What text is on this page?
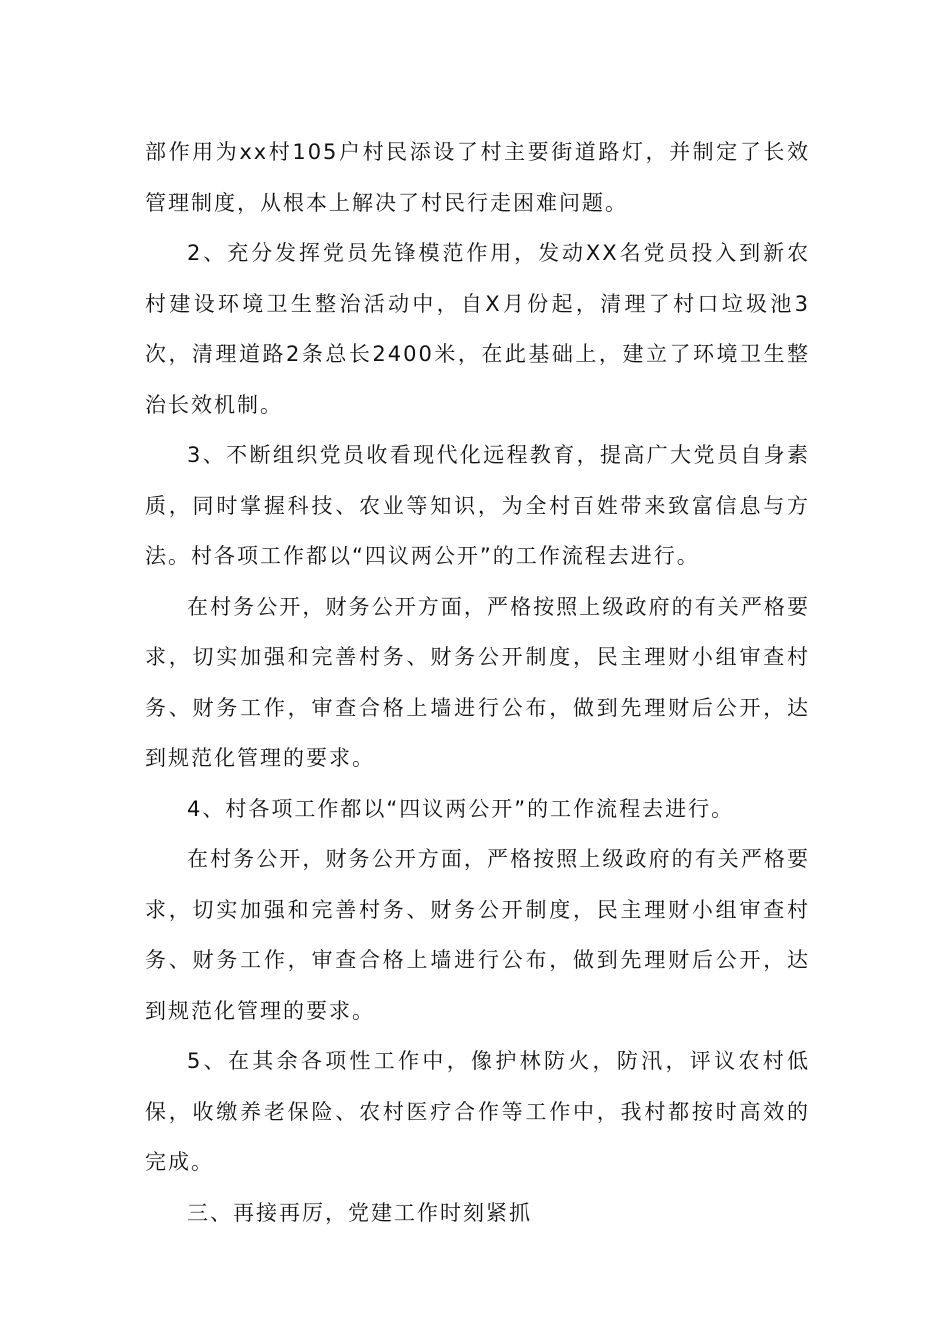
部作用为xx村105户村民添设了村主要街道路灯，并制定了长效管理制度，从根本上解决了村民行走困难问题。

2、充分发挥党员先锋模范作用，发动XX名党员投入到新农村建设环境卫生整治活动中，自X月份起，清理了村口垃圾池3次，清理道路2条总长2400米，在此基础上，建立了环境卫生整治长效机制。

3、不断组织党员收看现代化远程教育，提高广大党员自身素质，同时掌握科技、农业等知识，为全村百姓带来致富信息与方法。村各项工作都以“四议两公开”的工作流程去进行。

在村务公开，财务公开方面，严格按照上级政府的有关严格要求，切实加强和完善村务、财务公开制度，民主理财小组审查村务、财务工作，审查合格上墙进行公布，做到先理财后公开，达到规范化管理的要求。

4、村各项工作都以“四议两公开”的工作流程去进行。

在村务公开，财务公开方面，严格按照上级政府的有关严格要求，切实加强和完善村务、财务公开制度，民主理财小组审查村务、财务工作，审查合格上墙进行公布，做到先理财后公开，达到规范化管理的要求。

5、在其余各项性工作中，像护林防火，防汛，评议农村低保，收缴养老保险、农村医疗合作等工作中，我村都按时高效的完成。

三、再接再厉，党建工作时刻紧抓
